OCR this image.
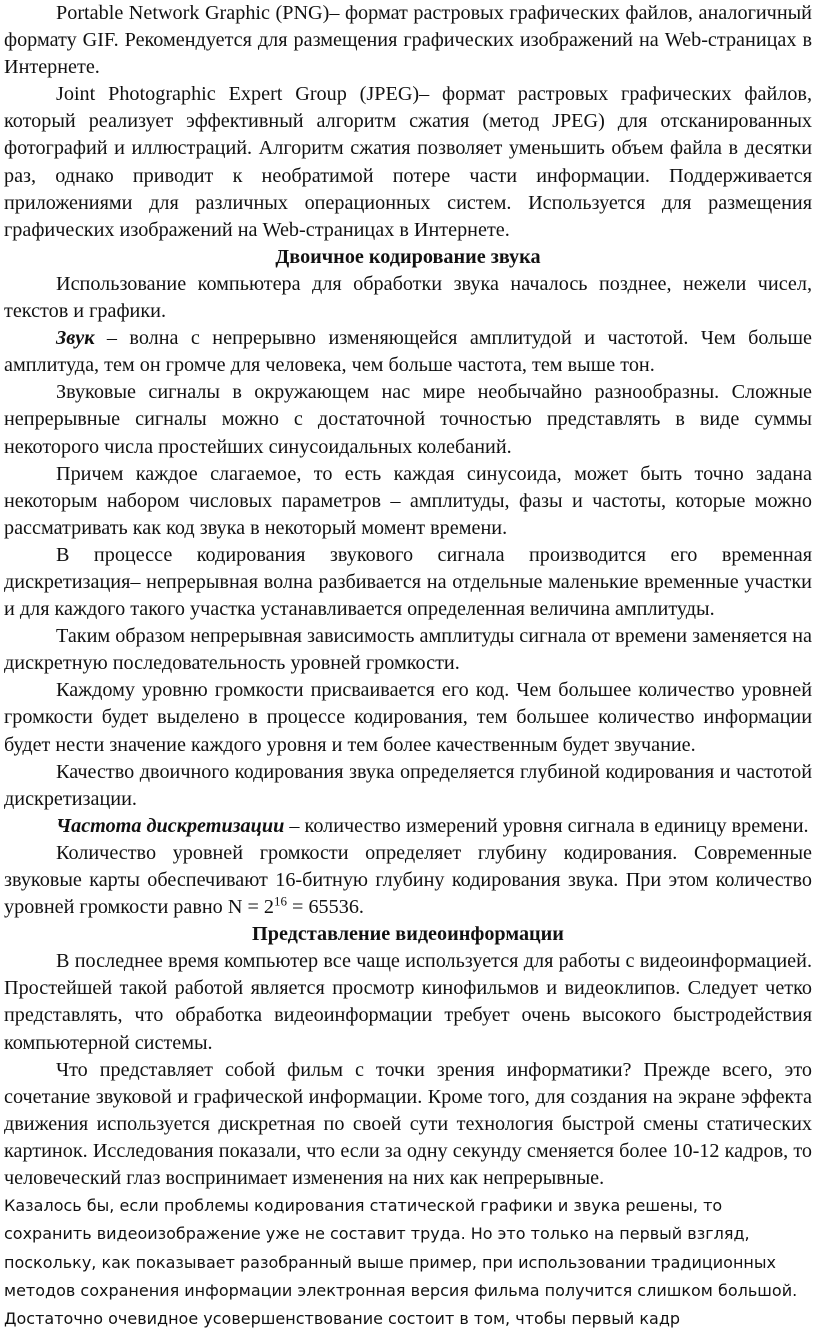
Portable Network Graphic (PNG)– формат растровых графических файлов, аналогичный формату GIF. Рекомендуется для размещения графических изображений на Web-страницах в Интернете.

Joint Photographic Expert Group (JPEG)– формат растровых графических файлов, который реализует эффективный алгоритм сжатия (метод JPEG) для отсканированных фотографий и иллюстраций. Алгоритм сжатия позволяет уменьшить объем файла в десятки раз, однако приводит к необратимой потере части информации. Поддерживается приложениями для различных операционных систем. Используется для размещения графических изображений на Web-страницах в Интернете.

Двоичное кодирование звука

Использование компьютера для обработки звука началось позднее, нежели чисел, текстов и графики.

Звук – волна с непрерывно изменяющейся амплитудой и частотой. Чем больше амплитуда, тем он громче для человека, чем больше частота, тем выше тон.

Звуковые сигналы в окружающем нас мире необычайно разнообразны. Сложные непрерывные сигналы можно с достаточной точностью представлять в виде суммы некоторого числа простейших синусоидальных колебаний.

Причем каждое слагаемое, то есть каждая синусоида, может быть точно задана некоторым набором числовых параметров – амплитуды, фазы и частоты, которые можно рассматривать как код звука в некоторый момент времени.

В процессе кодирования звукового сигнала производится его временная дискретизация– непрерывная волна разбивается на отдельные маленькие временные участки и для каждого такого участка устанавливается определенная величина амплитуды.

Таким образом непрерывная зависимость амплитуды сигнала от времени заменяется на дискретную последовательность уровней громкости.

Каждому уровню громкости присваивается его код. Чем большее количество уровней громкости будет выделено в процессе кодирования, тем большее количество информации будет нести значение каждого уровня и тем более качественным будет звучание.

Качество двоичного кодирования звука определяется глубиной кодирования и частотой дискретизации.

Частота дискретизации – количество измерений уровня сигнала в единицу времени.

Количество уровней громкости определяет глубину кодирования. Современные звуковые карты обеспечивают 16-битную глубину кодирования звука. При этом количество уровней громкости равно $N = 2^{16} = 65536$.

Представление видеоинформации

В последнее время компьютер все чаще используется для работы с видеоинформацией. Простейшей такой работой является просмотр кинофильмов и видеоклипов. Следует четко представлять, что обработка видеоинформации требует очень высокого быстродействия компьютерной системы.

Что представляет собой фильм с точки зрения информатики? Прежде всего, это сочетание звуковой и графической информации. Кроме того, для создания на экране эффекта движения используется дискретная по своей сути технология быстрой смены статических картинок. Исследования показали, что если за одну секунду сменяется более 10-12 кадров, то человеческий глаз воспринимает изменения на них как непрерывные.

Казалось бы, если проблемы кодирования статической графики и звука решены, то сохранить видеоизображение уже не составит труда. Но это только на первый взгляд, поскольку, как показывает разобранный выше пример, при использовании традиционных методов сохранения информации электронная версия фильма получится слишком большой. Достаточно очевидное усовершенствование состоит в том, чтобы первый кадр
